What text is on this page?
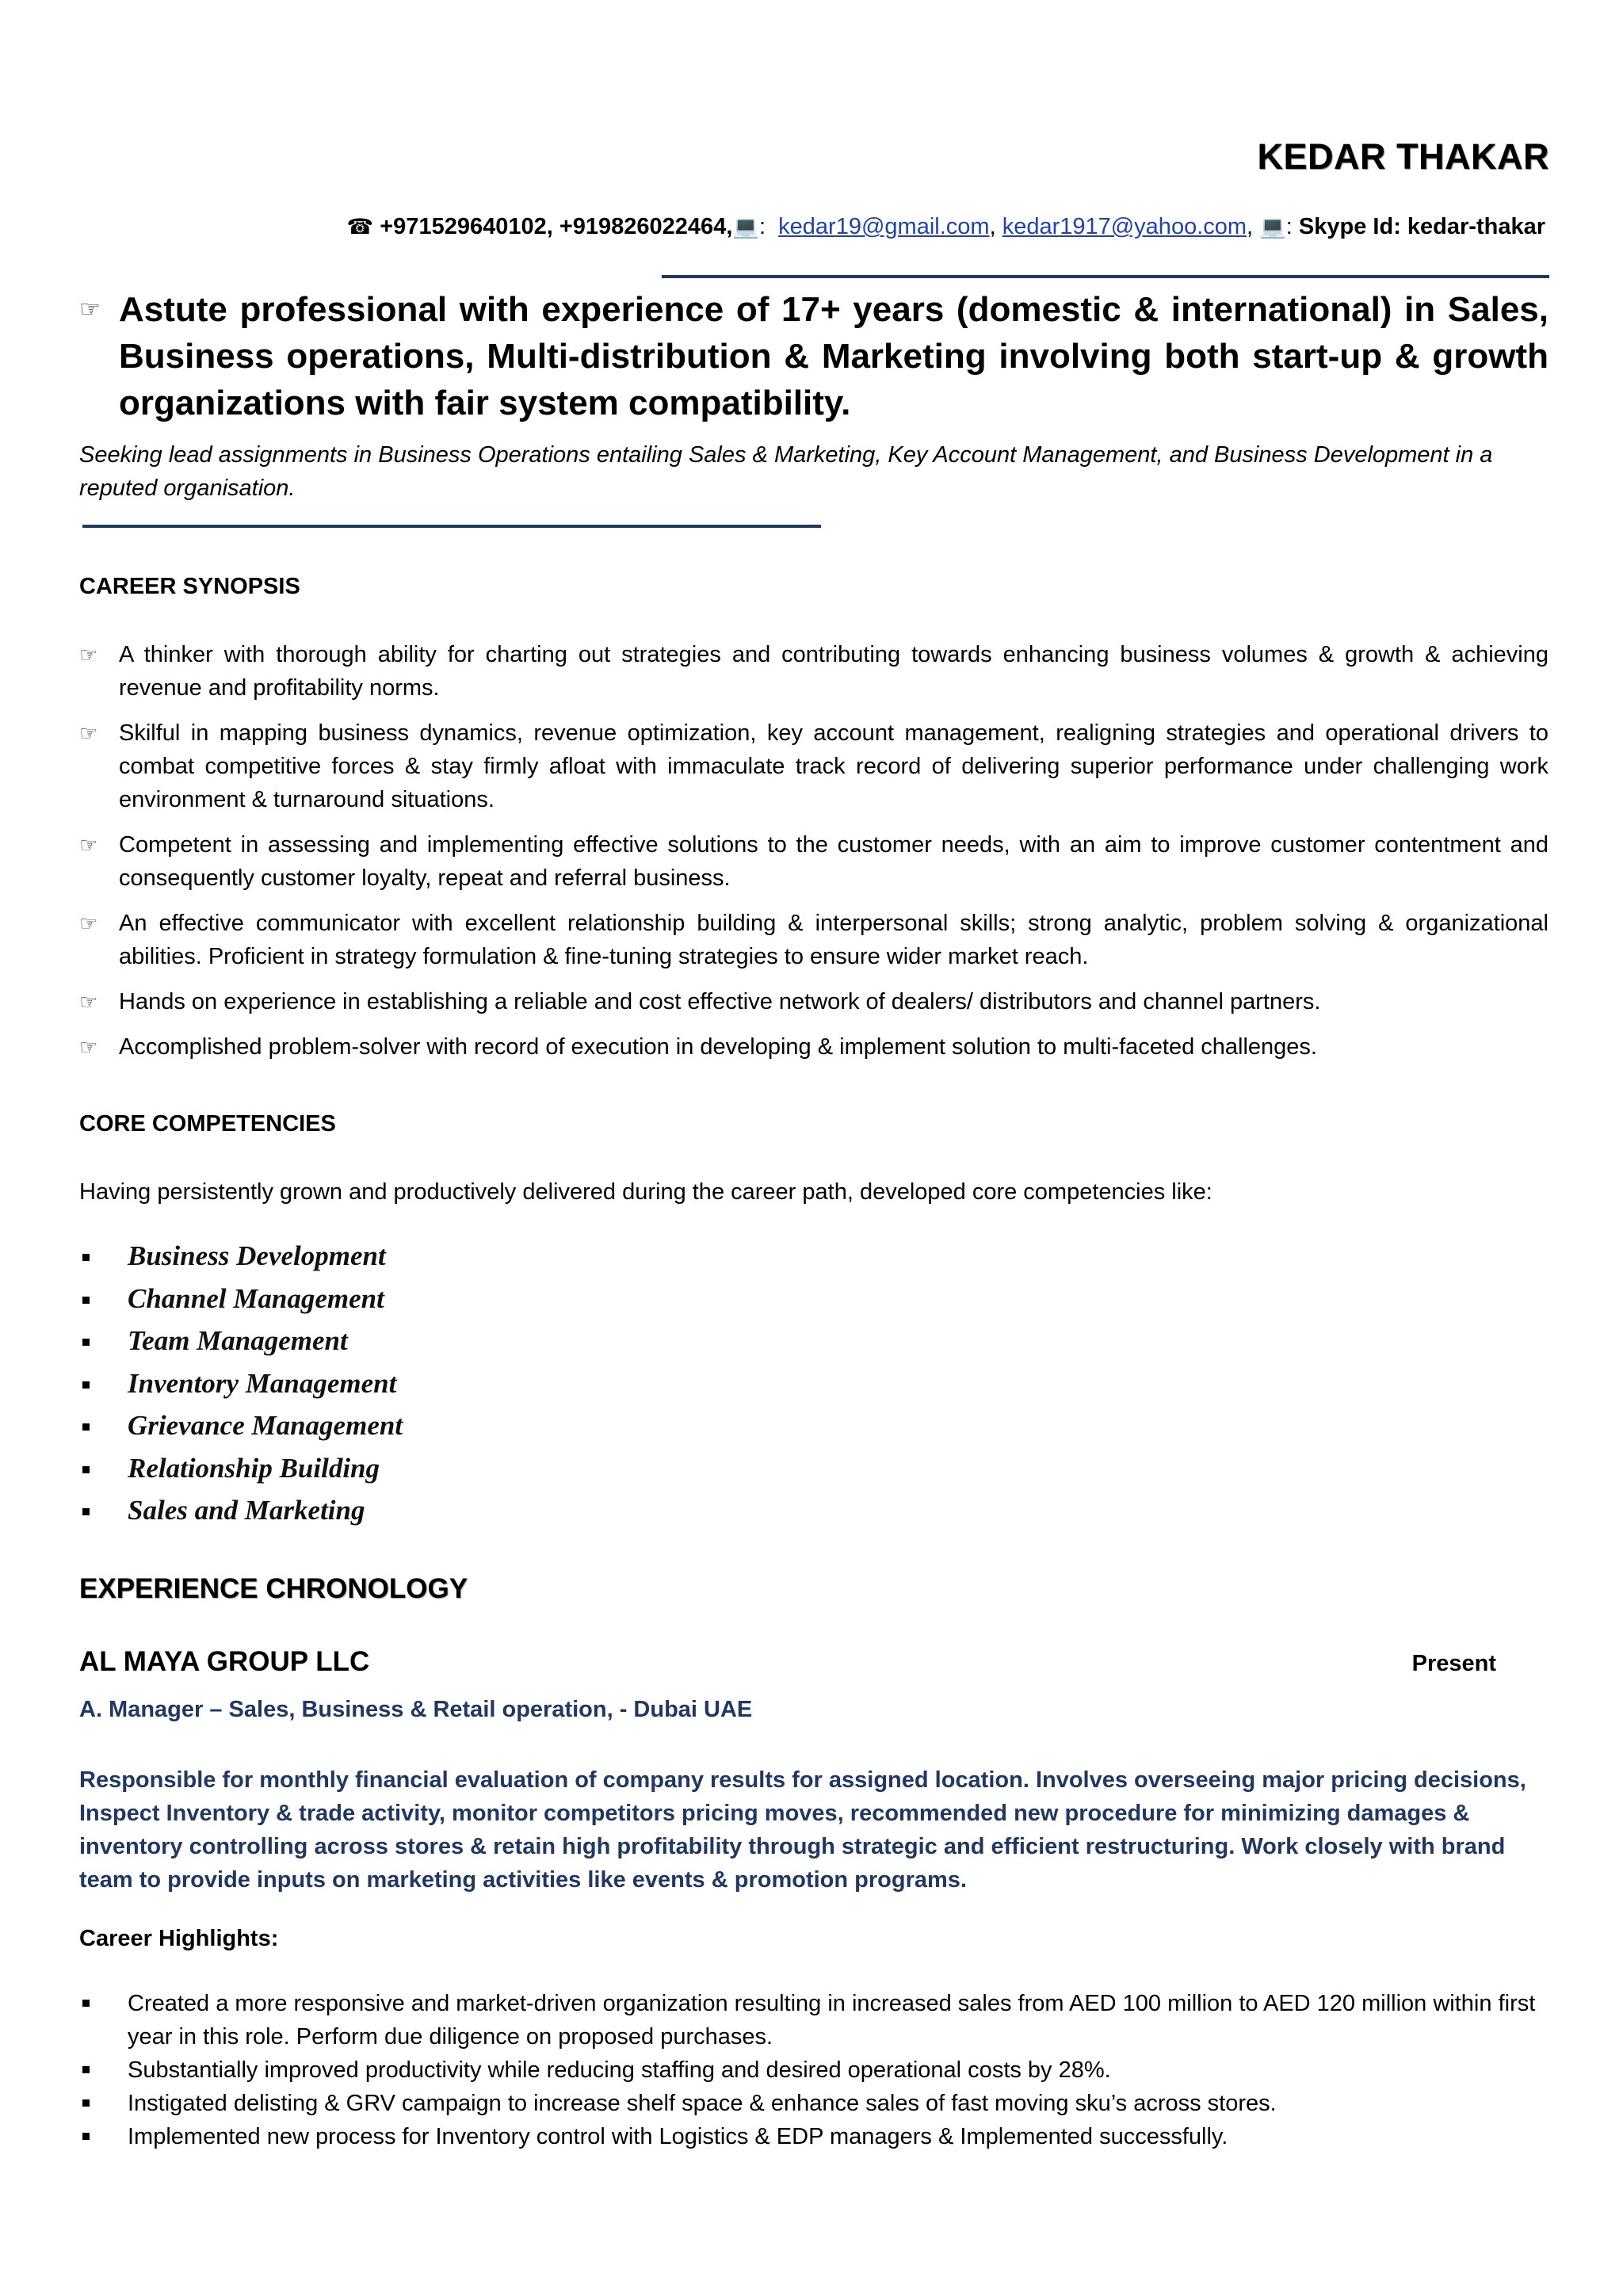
KEDAR THAKAR
☎ +971529640102, +919826022464,💻:  kedar19@gmail.com, kedar1917@yahoo.com, 💻: Skype Id: kedar-thakar
☞ Astute professional with experience of 17+ years (domestic & international) in Sales, Business operations, Multi-distribution & Marketing involving both start-up & growth organizations with fair system compatibility.
Seeking lead assignments in Business Operations entailing Sales & Marketing, Key Account Management, and Business Development in a reputed organisation.
CAREER SYNOPSIS
☞ A thinker with thorough ability for charting out strategies and contributing towards enhancing business volumes & growth & achieving revenue and profitability norms.
☞ Skilful in mapping business dynamics, revenue optimization, key account management, realigning strategies and operational drivers to combat competitive forces & stay firmly afloat with immaculate track record of delivering superior performance under challenging work environment & turnaround situations.
☞ Competent in assessing and implementing effective solutions to the customer needs, with an aim to improve customer contentment and consequently customer loyalty, repeat and referral business.
☞ An effective communicator with excellent relationship building & interpersonal skills; strong analytic, problem solving & organizational abilities. Proficient in strategy formulation & fine-tuning strategies to ensure wider market reach.
☞ Hands on experience in establishing a reliable and cost effective network of dealers/ distributors and channel partners.
☞ Accomplished problem-solver with record of execution in developing & implement solution to multi-faceted challenges.
CORE COMPETENCIES
Having persistently grown and productively delivered during the career path, developed core competencies like:
Business Development
Channel Management
Team Management
Inventory Management
Grievance Management
Relationship Building
Sales and Marketing
EXPERIENCE CHRONOLOGY
AL MAYA GROUP LLC	Present
A. Manager – Sales, Business & Retail operation, - Dubai UAE
Responsible for monthly financial evaluation of company results for assigned location. Involves overseeing major pricing decisions, Inspect Inventory & trade activity, monitor competitors pricing moves, recommended new procedure for minimizing damages & inventory controlling across stores & retain high profitability through strategic and efficient restructuring. Work closely with brand team to provide inputs on marketing activities like events & promotion programs.
Career Highlights:
Created a more responsive and market-driven organization resulting in increased sales from AED 100 million to AED 120 million within first year in this role. Perform due diligence on proposed purchases.
Substantially improved productivity while reducing staffing and desired operational costs by 28%.
Instigated delisting & GRV campaign to increase shelf space & enhance sales of fast moving sku’s across stores.
Implemented new process for Inventory control with Logistics & EDP managers & Implemented successfully.
